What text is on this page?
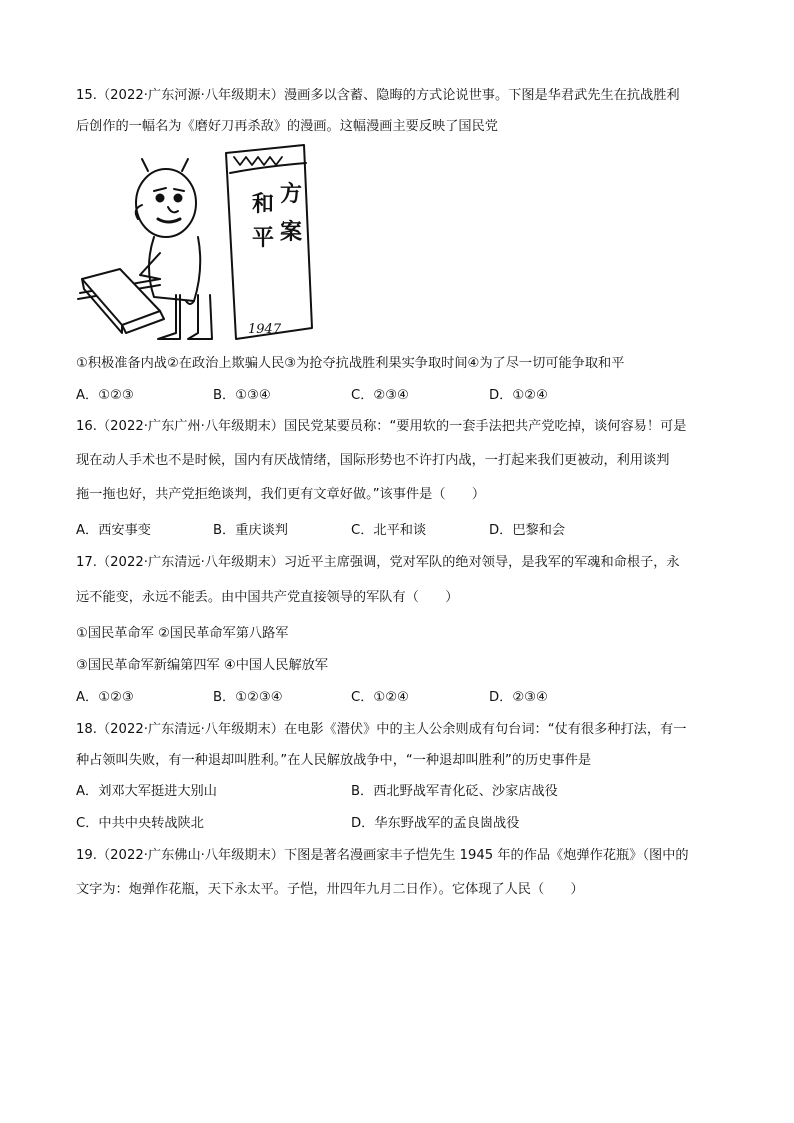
15.（2022·广东河源·八年级期末）漫画多以含蓄、隐晦的方式论说世事。下图是华君武先生在抗战胜利
后创作的一幅名为《磨好刀再杀敌》的漫画。这幅漫画主要反映了国民党
和 方
平 案
1947
①积极准备内战②在政治上欺骗人民③为抢夺抗战胜利果实争取时间④为了尽一切可能争取和平
A．①②③	B．①③④	C．②③④	D．①②④
16.（2022·广东广州·八年级期末）国民党某要员称：“要用软的一套手法把共产党吃掉，谈何容易！可是
现在动人手术也不是时候，国内有厌战情绪，国际形势也不许打内战，一打起来我们更被动，利用谈判
拖一拖也好，共产党拒绝谈判，我们更有文章好做。”该事件是（　　）
A．西安事变	B．重庆谈判	C．北平和谈	D．巴黎和会
17.（2022·广东清远·八年级期末）习近平主席强调，党对军队的绝对领导，是我军的军魂和命根子，永
远不能变，永远不能丢。由中国共产党直接领导的军队有（　　）
①国民革命军 ②国民革命军第八路军
③国民革命军新编第四军 ④中国人民解放军
A．①②③	B．①②③④	C．①②④	D．②③④
18.（2022·广东清远·八年级期末）在电影《潜伏》中的主人公余则成有句台词：“仗有很多种打法，有一
种占领叫失败，有一种退却叫胜利。”在人民解放战争中，“一种退却叫胜利”的历史事件是
A．刘邓大军挺进大别山	B．西北野战军青化砭、沙家店战役
C．中共中央转战陕北	D．华东野战军的孟良崮战役
19.（2022·广东佛山·八年级期末）下图是著名漫画家丰子恺先生 1945 年的作品《炮弹作花瓶》（图中的
文字为：炮弹作花瓶，天下永太平。子恺，卅四年九月二日作）。它体现了人民（　　）
